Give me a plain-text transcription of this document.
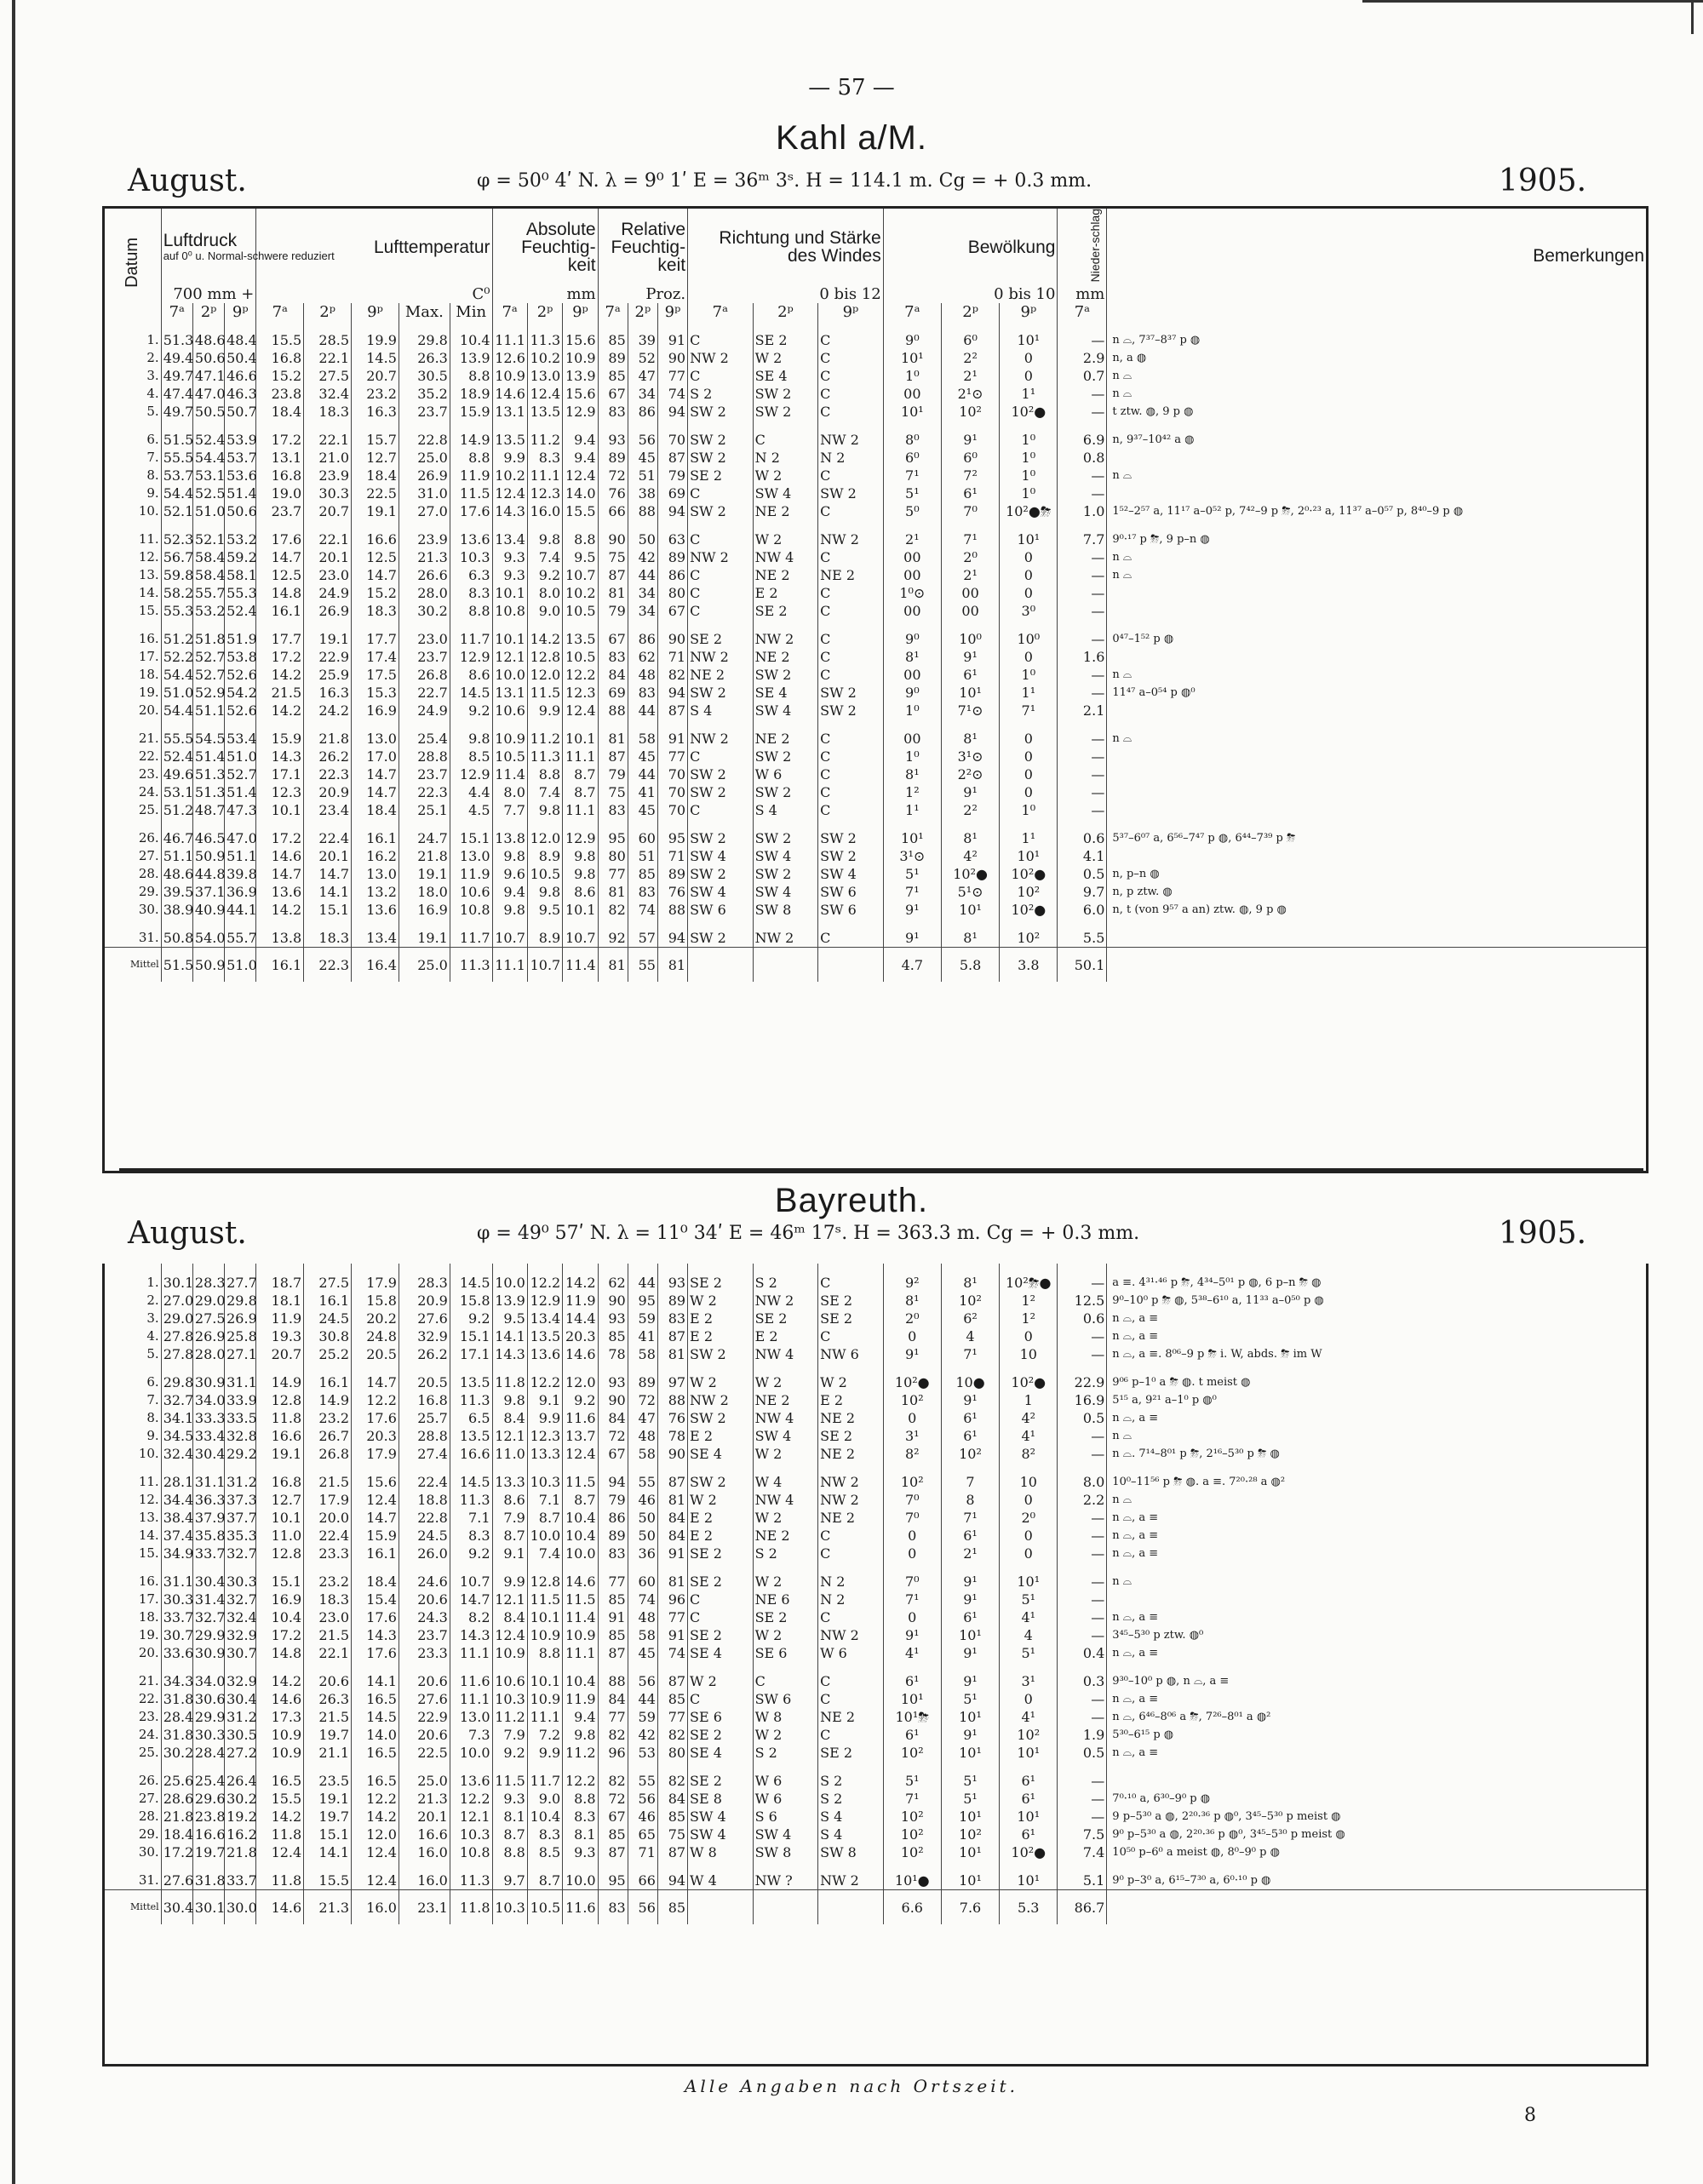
— 57 —
Kahl a/M.
August.	φ = 50⁰ 4ʹ N. λ = 9⁰ 1ʹ E = 36ᵐ 3ˢ. H = 114.1 m. Cg = + 0.3 mm.	1905.
Datum	Luftdruck
auf 0⁰ u. Normal-schwere reduziert			Lufttemperatur					Absolute Feuchtig-keit			Relative Feuchtig-keit			Richtung und Stärke des Windes			Bewölkung			Nieder-schlag	Bemerkungen
	700 mm +			C⁰					mm			Proz.			0 bis 12			0 bis 10			mm	
	7ᵃ	2ᵖ	9ᵖ	7ᵃ	2ᵖ	9ᵖ	Max.	Min	7ᵃ	2ᵖ	9ᵖ	7ᵃ	2ᵖ	9ᵖ	7ᵃ	2ᵖ	9ᵖ	7ᵃ	2ᵖ	9ᵖ	7ᵃ	
1.	51.3	48.6	48.4	15.5	28.5	19.9	29.8	10.4	11.1	11.3	15.6	85	39	91	C	SE 2	C	9⁰	6⁰	10¹	—	n ⌓, 7³⁷–8³⁷ p ◍
2.	49.4	50.6	50.4	16.8	22.1	14.5	26.3	13.9	12.6	10.2	10.9	89	52	90	NW 2	W 2	C	10¹	2²	0	2.9	n, a ◍
3.	49.7	47.1	46.6	15.2	27.5	20.7	30.5	8.8	10.9	13.0	13.9	85	47	77	C	SE 4	C	1⁰	2¹	0	0.7	n ⌓
4.	47.4	47.0	46.3	23.8	32.4	23.2	35.2	18.9	14.6	12.4	15.6	67	34	74	S 2	SW 2	C	00	2¹⊙	1¹	—	n ⌓
5.	49.7	50.5	50.7	18.4	18.3	16.3	23.7	15.9	13.1	13.5	12.9	83	86	94	SW 2	SW 2	C	10¹	10²	10²●	—	t ztw. ◍, 9 p ◍
6.	51.5	52.4	53.9	17.2	22.1	15.7	22.8	14.9	13.5	11.2	9.4	93	56	70	SW 2	C	NW 2	8⁰	9¹	1⁰	6.9	n, 9³⁷–10⁴² a ◍
7.	55.5	54.4	53.7	13.1	21.0	12.7	25.0	8.8	9.9	8.3	9.4	89	45	87	SW 2	N 2	N 2	6⁰	6⁰	1⁰	0.8	
8.	53.7	53.1	53.6	16.8	23.9	18.4	26.9	11.9	10.2	11.1	12.4	72	51	79	SE 2	W 2	C	7¹	7²	1⁰	—	n ⌓
9.	54.4	52.5	51.4	19.0	30.3	22.5	31.0	11.5	12.4	12.3	14.0	76	38	69	C	SW 4	SW 2	5¹	6¹	1⁰	—	
10.	52.1	51.0	50.6	23.7	20.7	19.1	27.0	17.6	14.3	16.0	15.5	66	88	94	SW 2	NE 2	C	5⁰	7⁰	10²●⛈	1.0	1⁵²–2⁵⁷ a, 11¹⁷ a–0⁵² p, 7⁴²–9 p ⛈, 2⁰·²³ a, 11³⁷ a–0⁵⁷ p, 8⁴⁰–9 p ◍
11.	52.3	52.1	53.2	17.6	22.1	16.6	23.9	13.6	13.4	9.8	8.8	90	50	63	C	W 2	NW 2	2¹	7¹	10¹	7.7	9⁰·¹⁷ p ⛈, 9 p–n ◍
12.	56.7	58.4	59.2	14.7	20.1	12.5	21.3	10.3	9.3	7.4	9.5	75	42	89	NW 2	NW 4	C	00	2⁰	0	—	n ⌓
13.	59.8	58.4	58.1	12.5	23.0	14.7	26.6	6.3	9.3	9.2	10.7	87	44	86	C	NE 2	NE 2	00	2¹	0	—	n ⌓
14.	58.2	55.7	55.3	14.8	24.9	15.2	28.0	8.3	10.1	8.0	10.2	81	34	80	C	E 2	C	1⁰⊙	00	0	—	
15.	55.3	53.2	52.4	16.1	26.9	18.3	30.2	8.8	10.8	9.0	10.5	79	34	67	C	SE 2	C	00	00	3⁰	—	
16.	51.2	51.8	51.9	17.7	19.1	17.7	23.0	11.7	10.1	14.2	13.5	67	86	90	SE 2	NW 2	C	9⁰	10⁰	10⁰	—	0⁴⁷–1⁵² p ◍
17.	52.2	52.7	53.8	17.2	22.9	17.4	23.7	12.9	12.1	12.8	10.5	83	62	71	NW 2	NE 2	C	8¹	9¹	0	1.6	
18.	54.4	52.7	52.6	14.2	25.9	17.5	26.8	8.6	10.0	12.0	12.2	84	48	82	NE 2	SW 2	C	00	6¹	1⁰	—	n ⌓
19.	51.0	52.9	54.2	21.5	16.3	15.3	22.7	14.5	13.1	11.5	12.3	69	83	94	SW 2	SE 4	SW 2	9⁰	10¹	1¹	—	11⁴⁷ a–0⁵⁴ p ◍⁰
20.	54.4	51.1	52.6	14.2	24.2	16.9	24.9	9.2	10.6	9.9	12.4	88	44	87	S 4	SW 4	SW 2	1⁰	7¹⊙	7¹	2.1	
21.	55.5	54.5	53.4	15.9	21.8	13.0	25.4	9.8	10.9	11.2	10.1	81	58	91	NW 2	NE 2	C	00	8¹	0	—	n ⌓
22.	52.4	51.4	51.0	14.3	26.2	17.0	28.8	8.5	10.5	11.3	11.1	87	45	77	C	SW 2	C	1⁰	3¹⊙	0	—	
23.	49.6	51.3	52.7	17.1	22.3	14.7	23.7	12.9	11.4	8.8	8.7	79	44	70	SW 2	W 6	C	8¹	2²⊙	0	—	
24.	53.1	51.3	51.4	12.3	20.9	14.7	22.3	4.4	8.0	7.4	8.7	75	41	70	SW 2	SW 2	C	1²	9¹	0	—	
25.	51.2	48.7	47.3	10.1	23.4	18.4	25.1	4.5	7.7	9.8	11.1	83	45	70	C	S 4	C	1¹	2²	1⁰	—	
26.	46.7	46.5	47.0	17.2	22.4	16.1	24.7	15.1	13.8	12.0	12.9	95	60	95	SW 2	SW 2	SW 2	10¹	8¹	1¹	0.6	5³⁷–6⁰⁷ a, 6⁵⁶–7⁴⁷ p ◍, 6⁴⁴–7³⁹ p ⛈
27.	51.1	50.9	51.1	14.6	20.1	16.2	21.8	13.0	9.8	8.9	9.8	80	51	71	SW 4	SW 4	SW 2	3¹⊙	4²	10¹	4.1	
28.	48.6	44.8	39.8	14.7	14.7	13.0	19.1	11.9	9.6	10.5	9.8	77	85	89	SW 2	SW 2	SW 4	5¹	10²●	10²●	0.5	n, p–n ◍
29.	39.5	37.1	36.9	13.6	14.1	13.2	18.0	10.6	9.4	9.8	8.6	81	83	76	SW 4	SW 4	SW 6	7¹	5¹⊙	10²	9.7	n, p ztw. ◍
30.	38.9	40.9	44.1	14.2	15.1	13.6	16.9	10.8	9.8	9.5	10.1	82	74	88	SW 6	SW 8	SW 6	9¹	10¹	10²●	6.0	n, t (von 9⁵⁷ a an) ztw. ◍, 9 p ◍
31.	50.8	54.0	55.7	13.8	18.3	13.4	19.1	11.7	10.7	8.9	10.7	92	57	94	SW 2	NW 2	C	9¹	8¹	10²	5.5	
Mittel	51.5	50.9	51.0	16.1	22.3	16.4	25.0	11.3	11.1	10.7	11.4	81	55	81				4.7	5.8	3.8	50.1	
Bayreuth.
August.	φ = 49⁰ 57ʹ N. λ = 11⁰ 34ʹ E = 46ᵐ 17ˢ. H = 363.3 m. Cg = + 0.3 mm.	1905.
1.	30.1	28.3	27.7	18.7	27.5	17.9	28.3	14.5	10.0	12.2	14.2	62	44	93	SE 2	S 2	C	9²	8¹	10²⛈●	—	a ≡. 4³¹·⁴⁶ p ⛈, 4³⁴–5⁰¹ p ◍, 6 p–n ⛈ ◍
2.	27.0	29.0	29.8	18.1	16.1	15.8	20.9	15.8	13.9	12.9	11.9	90	95	89	W 2	NW 2	SE 2	8¹	10²	1²	12.5	9⁰–10⁰ p ⛈ ◍, 5³⁸–6¹⁰ a, 11³³ a–0⁵⁰ p ◍
3.	29.0	27.5	26.9	11.9	24.5	20.2	27.6	9.2	9.5	13.4	14.4	93	59	83	E 2	SE 2	SE 2	2⁰	6²	1²	0.6	n ⌓, a ≡
4.	27.8	26.9	25.8	19.3	30.8	24.8	32.9	15.1	14.1	13.5	20.3	85	41	87	E 2	E 2	C	0	4	0	—	n ⌓, a ≡
5.	27.8	28.0	27.1	20.7	25.2	20.5	26.2	17.1	14.3	13.6	14.6	78	58	81	SW 2	NW 4	NW 6	9¹	7¹	10	—	n ⌓, a ≡. 8⁰⁶–9 p ⛈ i. W, abds. ⛈ im W
6.	29.8	30.9	31.1	14.9	16.1	14.7	20.5	13.5	11.8	12.2	12.0	93	89	97	W 2	W 2	W 2	10²●	10●	10²●	22.9	9⁰⁶ p–1⁰ a ⛈ ◍. t meist ◍
7.	32.7	34.0	33.9	12.8	14.9	12.2	16.8	11.3	9.8	9.1	9.2	90	72	88	NW 2	NE 2	E 2	10²	9¹	1	16.9	5¹⁵ a, 9²¹ a–1⁰ p ◍⁰
8.	34.1	33.3	33.5	11.8	23.2	17.6	25.7	6.5	8.4	9.9	11.6	84	47	76	SW 2	NW 4	NE 2	0	6¹	4²	0.5	n ⌓, a ≡
9.	34.5	33.4	32.8	16.6	26.7	20.3	28.8	13.5	12.1	12.3	13.7	72	48	78	E 2	SW 4	SE 2	3¹	6¹	4¹	—	n ⌓
10.	32.4	30.4	29.2	19.1	26.8	17.9	27.4	16.6	11.0	13.3	12.4	67	58	90	SE 4	W 2	NE 2	8²	10²	8²	—	n ⌓. 7¹⁴–8⁰¹ p ⛈, 2¹⁶–5³⁰ p ⛈ ◍
11.	28.1	31.1	31.2	16.8	21.5	15.6	22.4	14.5	13.3	10.3	11.5	94	55	87	SW 2	W 4	NW 2	10²	7	10	8.0	10⁰–11⁵⁶ p ⛈ ◍. a ≡. 7²⁰·²⁸ a ◍²
12.	34.4	36.3	37.3	12.7	17.9	12.4	18.8	11.3	8.6	7.1	8.7	79	46	81	W 2	NW 4	NW 2	7⁰	8	0	2.2	n ⌓
13.	38.4	37.9	37.7	10.1	20.0	14.7	22.8	7.1	7.9	8.7	10.4	86	50	84	E 2	W 2	NE 2	7⁰	7¹	2⁰	—	n ⌓, a ≡
14.	37.4	35.8	35.3	11.0	22.4	15.9	24.5	8.3	8.7	10.0	10.4	89	50	84	E 2	NE 2	C	0	6¹	0	—	n ⌓, a ≡
15.	34.9	33.7	32.7	12.8	23.3	16.1	26.0	9.2	9.1	7.4	10.0	83	36	91	SE 2	S 2	C	0	2¹	0	—	n ⌓, a ≡
16.	31.1	30.4	30.3	15.1	23.2	18.4	24.6	10.7	9.9	12.8	14.6	77	60	81	SE 2	W 2	N 2	7⁰	9¹	10¹	—	n ⌓
17.	30.3	31.4	32.7	16.9	18.3	15.4	20.6	14.7	12.1	11.5	11.5	85	74	96	C	NE 6	N 2	7¹	9¹	5¹	—	
18.	33.7	32.7	32.4	10.4	23.0	17.6	24.3	8.2	8.4	10.1	11.4	91	48	77	C	SE 2	C	0	6¹	4¹	—	n ⌓, a ≡
19.	30.7	29.9	32.9	17.2	21.5	14.3	23.7	14.3	12.4	10.9	10.9	85	58	91	SE 2	W 2	NW 2	9¹	10¹	4	—	3⁴⁵–5³⁰ p ztw. ◍⁰
20.	33.6	30.9	30.7	14.8	22.1	17.6	23.3	11.1	10.9	8.8	11.1	87	45	74	SE 4	SE 6	W 6	4¹	9¹	5¹	0.4	n ⌓, a ≡
21.	34.3	34.0	32.9	14.2	20.6	14.1	20.6	11.6	10.6	10.1	10.4	88	56	87	W 2	C	C	6¹	9¹	3¹	0.3	9³⁰–10⁰ p ◍, n ⌓, a ≡
22.	31.8	30.6	30.4	14.6	26.3	16.5	27.6	11.1	10.3	10.9	11.9	84	44	85	C	SW 6	C	10¹	5¹	0	—	n ⌓, a ≡
23.	28.4	29.9	31.2	17.3	21.5	14.5	22.9	13.0	11.2	11.1	9.4	77	59	77	SE 6	W 8	NE 2	10¹⛈	10¹	4¹	—	n ⌓, 6⁴⁶–8⁰⁶ a ⛈, 7²⁶–8⁰¹ a ◍²
24.	31.8	30.3	30.5	10.9	19.7	14.0	20.6	7.3	7.9	7.2	9.8	82	42	82	SE 2	W 2	C	6¹	9¹	10²	1.9	5³⁰–6¹⁵ p ◍
25.	30.2	28.4	27.2	10.9	21.1	16.5	22.5	10.0	9.2	9.9	11.2	96	53	80	SE 4	S 2	SE 2	10²	10¹	10¹	0.5	n ⌓, a ≡
26.	25.6	25.4	26.4	16.5	23.5	16.5	25.0	13.6	11.5	11.7	12.2	82	55	82	SE 2	W 6	S 2	5¹	5¹	6¹	—	
27.	28.6	29.6	30.2	15.5	19.1	12.2	21.3	12.2	9.3	9.0	8.8	72	56	84	SE 8	W 6	S 2	7¹	5¹	6¹	—	7⁰·¹⁰ a, 6³⁰–9⁰ p ◍
28.	21.8	23.8	19.2	14.2	19.7	14.2	20.1	12.1	8.1	10.4	8.3	67	46	85	SW 4	S 6	S 4	10²	10¹	10¹	—	9 p–5³⁰ a ◍, 2²⁰·³⁶ p ◍⁰, 3⁴⁵–5³⁰ p meist ◍
29.	18.4	16.6	16.2	11.8	15.1	12.0	16.6	10.3	8.7	8.3	8.1	85	65	75	SW 4	SW 4	S 4	10²	10²	6¹	7.5	9⁰ p–5³⁰ a ◍, 2²⁰·³⁶ p ◍⁰, 3⁴⁵–5³⁰ p meist ◍
30.	17.2	19.7	21.8	12.4	14.1	12.4	16.0	10.8	8.8	8.5	9.3	87	71	87	W 8	SW 8	SW 8	10²	10¹	10²●	7.4	10⁵⁰ p–6⁰ a meist ◍, 8⁰–9⁰ p ◍
31.	27.6	31.8	33.7	11.8	15.5	12.4	16.0	11.3	9.7	8.7	10.0	95	66	94	W 4	NW ?	NW 2	10¹●	10¹	10¹	5.1	9⁰ p–3⁰ a, 6¹⁵–7³⁰ a, 6⁰·¹⁰ p ◍
Mittel	30.4	30.1	30.0	14.6	21.3	16.0	23.1	11.8	10.3	10.5	11.6	83	56	85				6.6	7.6	5.3	86.7	
Alle Angaben nach Ortszeit.
8
